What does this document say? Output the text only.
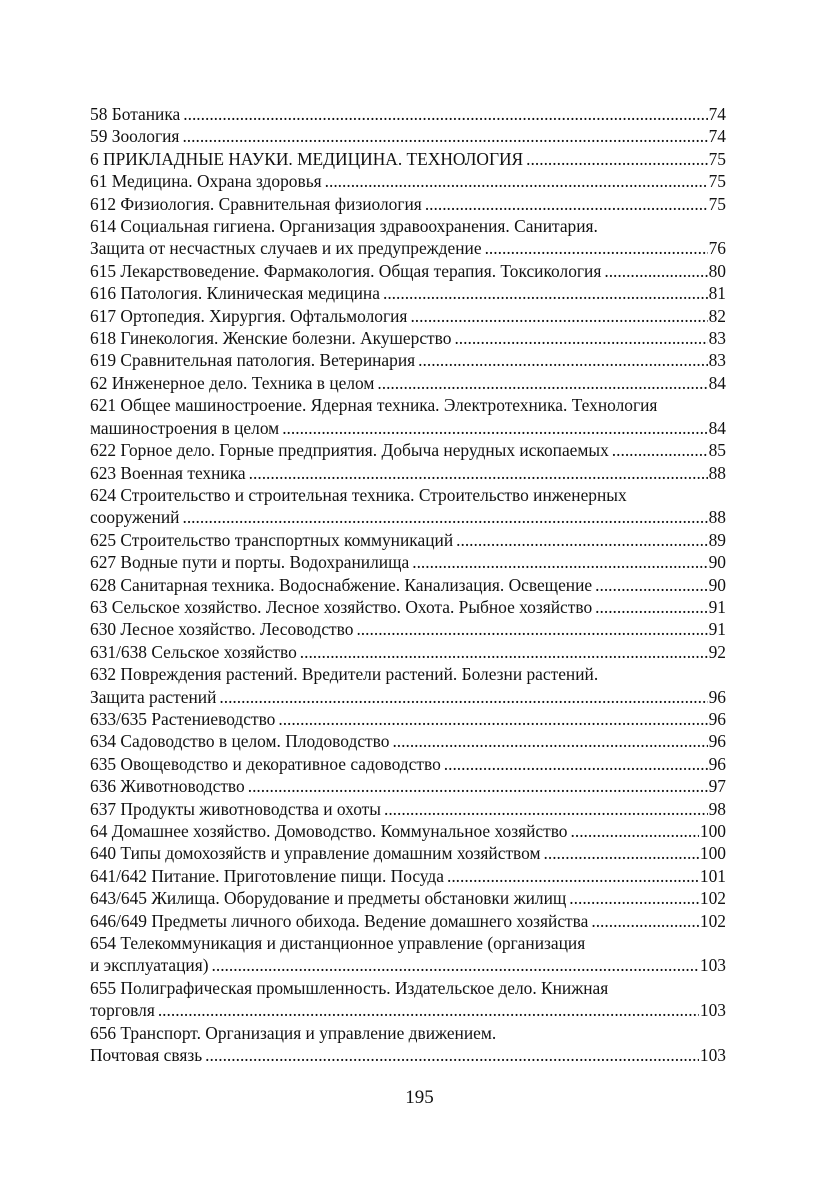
58 Ботаника .....	74
59 Зоология .....	74
6 ПРИКЛАДНЫЕ НАУКИ. МЕДИЦИНА. ТЕХНОЛОГИЯ .....	75
61 Медицина. Охрана здоровья .....	75
612 Физиология. Сравнительная физиология .....	75
614 Социальная гигиена. Организация здравоохранения. Санитария.
Защита от несчастных случаев и их предупреждение .....	76
615 Лекарствоведение. Фармакология. Общая терапия. Токсикология .....	80
616 Патология. Клиническая медицина .....	81
617 Ортопедия. Хирургия. Офтальмология .....	82
618 Гинекология. Женские болезни. Акушерство .....	83
619 Сравнительная патология. Ветеринария .....	83
62 Инженерное дело. Техника в целом .....	84
621 Общее машиностроение. Ядерная техника. Электротехника. Технология
машиностроения в целом .....	84
622 Горное дело. Горные предприятия. Добыча нерудных ископаемых .....	85
623 Военная техника .....	88
624 Строительство и строительная техника. Строительство инженерных
сооружений .....	88
625 Строительство транспортных коммуникаций .....	89
627 Водные пути и порты. Водохранилища .....	90
628 Санитарная техника. Водоснабжение. Канализация. Освещение .....	90
63 Сельское хозяйство. Лесное хозяйство. Охота. Рыбное хозяйство .....	91
630 Лесное хозяйство. Лесоводство .....	91
631/638 Сельское хозяйство .....	92
632 Повреждения растений. Вредители растений. Болезни растений.
Защита растений .....	96
633/635 Растениеводство .....	96
634 Садоводство в целом. Плодоводство .....	96
635 Овощеводство и декоративное садоводство .....	96
636 Животноводство .....	97
637 Продукты животноводства и охоты .....	98
64 Домашнее хозяйство. Домоводство. Коммунальное хозяйство .....	100
640 Типы домохозяйств и управление домашним хозяйством .....	100
641/642 Питание. Приготовление пищи. Посуда .....	101
643/645 Жилища. Оборудование и предметы обстановки жилищ .....	102
646/649 Предметы личного обихода. Ведение домашнего хозяйства .....	102
654 Телекоммуникация и дистанционное управление (организация
и эксплуатация) .....	103
655 Полиграфическая промышленность. Издательское дело. Книжная
торговля .....	103
656 Транспорт. Организация и управление движением.
Почтовая связь .....	103
195
